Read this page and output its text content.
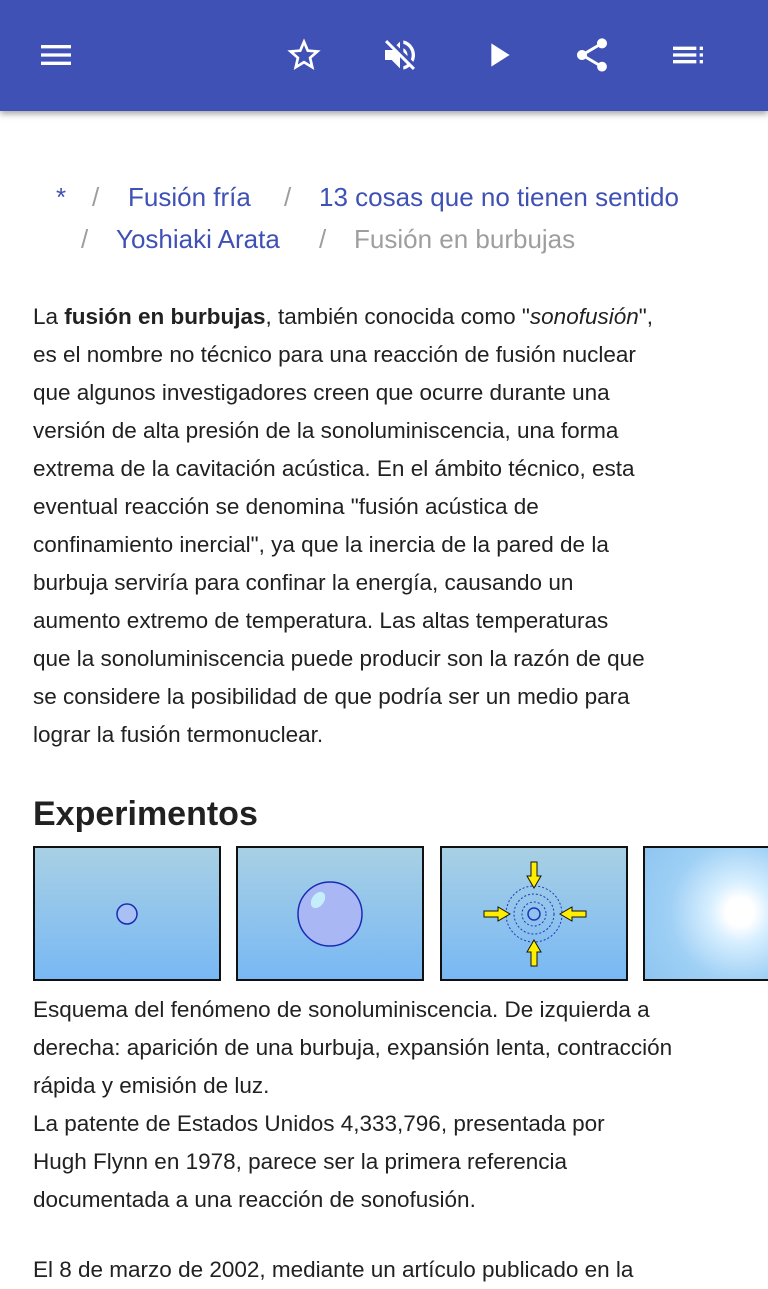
* / Fusión fría / 13 cosas que no tienen sentido
/ Yoshiaki Arata / Fusión en burbujas
La fusión en burbujas, también conocida como "sonofusión",
es el nombre no técnico para una reacción de fusión nuclear
que algunos investigadores creen que ocurre durante una
versión de alta presión de la sonoluminiscencia, una forma
extrema de la cavitación acústica. En el ámbito técnico, esta
eventual reacción se denomina "fusión acústica de
confinamiento inercial", ya que la inercia de la pared de la
burbuja serviría para confinar la energía, causando un
aumento extremo de temperatura. Las altas temperaturas
que la sonoluminiscencia puede producir son la razón de que
se considere la posibilidad de que podría ser un medio para
lograr la fusión termonuclear.
Experimentos
Esquema del fenómeno de sonoluminiscencia. De izquierda a
derecha: aparición de una burbuja, expansión lenta, contracción
rápida y emisión de luz.
La patente de Estados Unidos 4,333,796, presentada por
Hugh Flynn en 1978, parece ser la primera referencia
documentada a una reacción de sonofusión.
El 8 de marzo de 2002, mediante un artículo publicado en la
